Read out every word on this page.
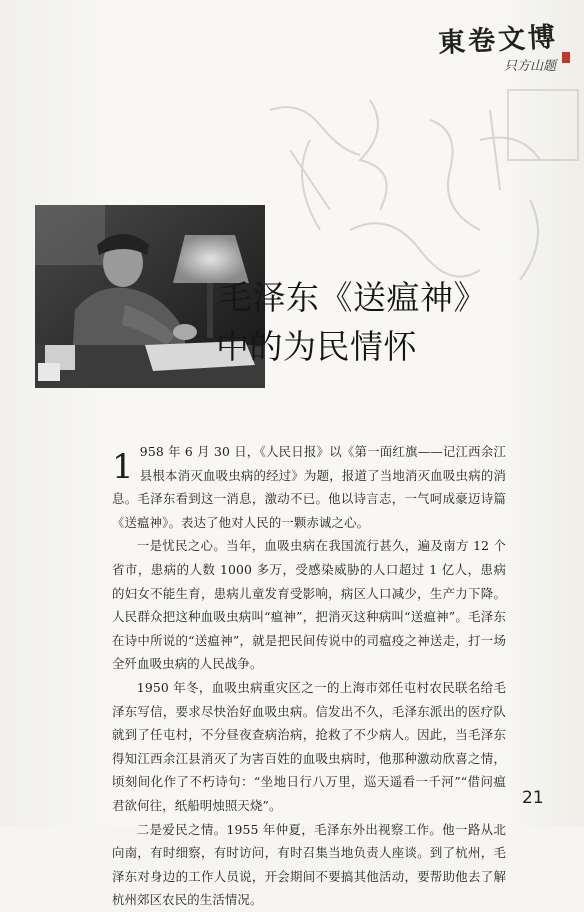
東卷文博
只方山题
毛泽东《送瘟神》
中的为民情怀

1 958 年 6 月 30 日，《人民日报》以《第一面红旗——记江西余江县根本消灭血吸虫病的经过》为题，报道了当地消灭血吸虫病的消息。毛泽东看到这一消息，激动不已。他以诗言志，一气呵成豪迈诗篇《送瘟神》。表达了他对人民的一颗赤诚之心。

一是忧民之心。当年，血吸虫病在我国流行甚久，遍及南方 12 个省市，患病的人数 1000 多万，受感染威胁的人口超过 1 亿人，患病的妇女不能生育，患病儿童发育受影响，病区人口减少，生产力下降。人民群众把这种血吸虫病叫“瘟神”，把消灭这种病叫“送瘟神”。毛泽东在诗中所说的“送瘟神”，就是把民间传说中的司瘟疫之神送走，打一场全歼血吸虫病的人民战争。

1950 年冬，血吸虫病重灾区之一的上海市郊任屯村农民联名给毛泽东写信，要求尽快治好血吸虫病。信发出不久，毛泽东派出的医疗队就到了任屯村，不分昼夜查病治病，抢救了不少病人。因此，当毛泽东得知江西余江县消灭了为害百姓的血吸虫病时，他那种激动欣喜之情，顷刻间化作了不朽诗句：“坐地日行八万里，巡天遥看一千河”“借问瘟君欲何往，纸船明烛照天烧”。

二是爱民之情。1955 年仲夏，毛泽东外出视察工作。他一路从北向南，有时细察，有时访问，有时召集当地负责人座谈。到了杭州，毛泽东对身边的工作人员说，开会期间不要搞其他活动，要帮助他去了解杭州郊区农民的生活情况。

21
